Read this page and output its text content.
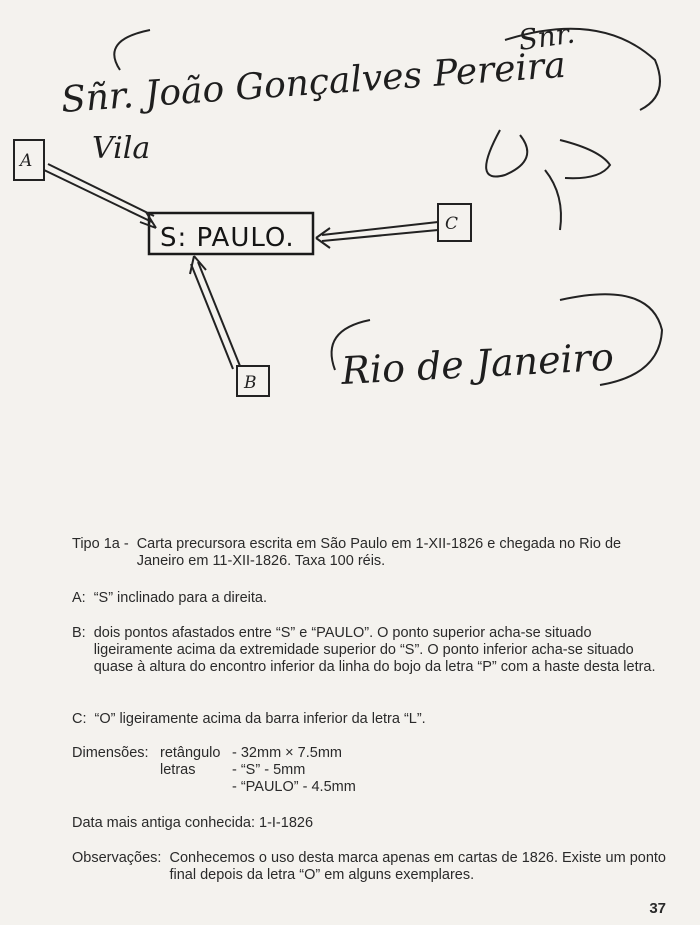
Sñr. João Gonçalves Pereira
Vila
Snr.
Rio de Janeiro
S: PAULO.
A
C
B
Tipo 1a - Carta precursora escrita em São Paulo em 1-XII-1826 e chegada no Rio de Janeiro em 11-XII-1826. Taxa 100 réis.
A: “S” inclinado para a direita.
B: dois pontos afastados entre “S” e “PAULO”. O ponto superior acha-se situado ligeiramente acima da extremidade superior do “S”. O ponto inferior acha-se situado quase à altura do encontro inferior da linha do bojo da letra “P” com a haste desta letra.
C: “O” ligeiramente acima da barra inferior da letra “L”.
Dimensões: retângulo - 32mm × 7.5mm
letras	- “S” - 5mm
- “PAULO” - 4.5mm
Data mais antiga conhecida: 1-I-1826
Observações: Conhecemos o uso desta marca apenas em cartas de 1826. Existe um ponto final depois da letra “O” em alguns exemplares.
37
